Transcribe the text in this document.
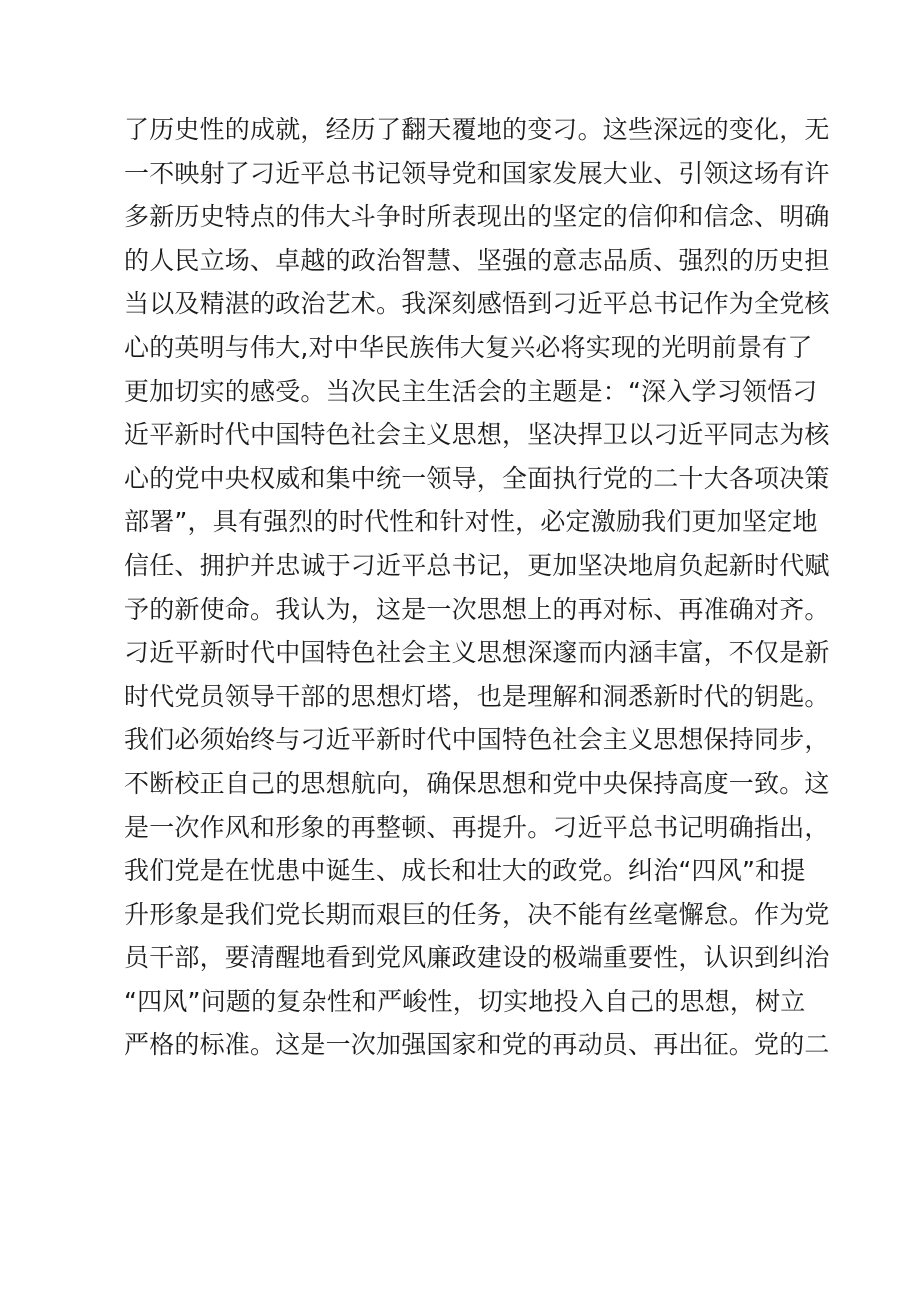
了历史性的成就，经历了翻天覆地的变刁。这些深远的变化，无
一不映射了刁近平总书记领导党和国家发展大业、引领这场有许
多新历史特点的伟大斗争时所表现出的坚定的信仰和信念、明确
的人民立场、卓越的政治智慧、坚强的意志品质、强烈的历史担
当以及精湛的政治艺术。我深刻感悟到刁近平总书记作为全党核
心的英明与伟大,对中华民族伟大复兴必将实现的光明前景有了
更加切实的感受。当次民主生活会的主题是：“深入学习领悟刁
近平新时代中国特色社会主义思想，坚决捍卫以刁近平同志为核
心的党中央权威和集中统一领导，全面执行党的二十大各项决策
部署”，具有强烈的时代性和针对性，必定激励我们更加坚定地
信任、拥护并忠诚于刁近平总书记，更加坚决地肩负起新时代赋
予的新使命。我认为，这是一次思想上的再对标、再准确对齐。
刁近平新时代中国特色社会主义思想深邃而内涵丰富，不仅是新
时代党员领导干部的思想灯塔，也是理解和洞悉新时代的钥匙。
我们必须始终与刁近平新时代中国特色社会主义思想保持同步，
不断校正自己的思想航向，确保思想和党中央保持高度一致。这
是一次作风和形象的再整顿、再提升。刁近平总书记明确指出，
我们党是在忧患中诞生、成长和壮大的政党。纠治“四风”和提
升形象是我们党长期而艰巨的任务，决不能有丝毫懈怠。作为党
员干部，要清醒地看到党风廉政建设的极端重要性，认识到纠治
“四风”问题的复杂性和严峻性，切实地投入自己的思想，树立
严格的标准。这是一次加强国家和党的再动员、再出征。党的二
